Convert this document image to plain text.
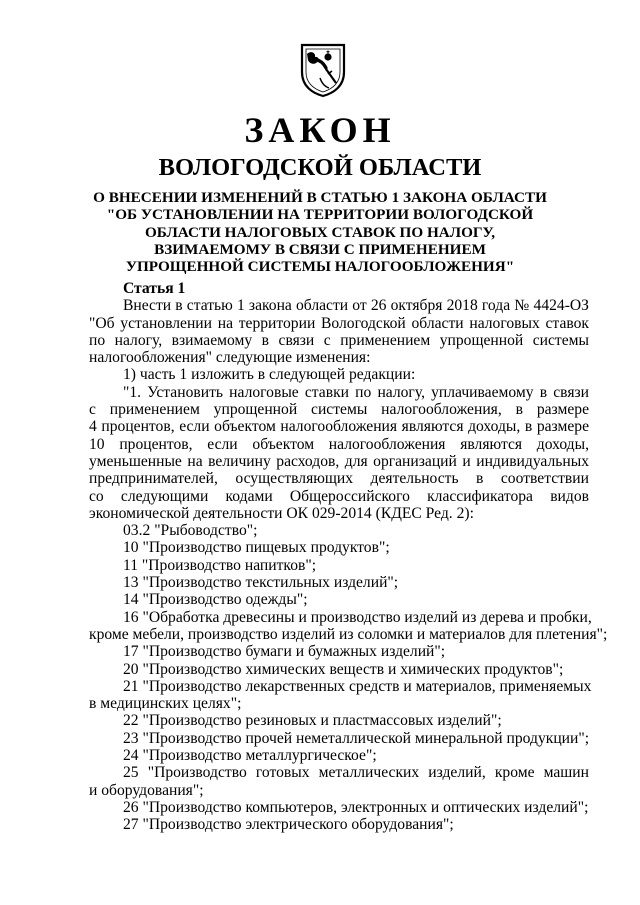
ЗАКОН
ВОЛОГОДСКОЙ ОБЛАСТИ
О ВНЕСЕНИИ ИЗМЕНЕНИЙ В СТАТЬЮ 1 ЗАКОНА ОБЛАСТИ
"ОБ УСТАНОВЛЕНИИ НА ТЕРРИТОРИИ ВОЛОГОДСКОЙ
ОБЛАСТИ НАЛОГОВЫХ СТАВОК ПО НАЛОГУ,
ВЗИМАЕМОМУ В СВЯЗИ С ПРИМЕНЕНИЕМ
УПРОЩЕННОЙ СИСТЕМЫ НАЛОГООБЛОЖЕНИЯ"
Статья 1
Внести в статью 1 закона области от 26 октября 2018 года № 4424-ОЗ
"Об установлении на территории Вологодской области налоговых ставок
по налогу, взимаемому в связи с применением упрощенной системы
налогообложения" следующие изменения:
1) часть 1 изложить в следующей редакции:
"1. Установить налоговые ставки по налогу, уплачиваемому в связи
с применением упрощенной системы налогообложения, в размере
4 процентов, если объектом налогообложения являются доходы, в размере
10 процентов, если объектом налогообложения являются доходы,
уменьшенные на величину расходов, для организаций и индивидуальных
предпринимателей, осуществляющих деятельность в соответствии
со следующими кодами Общероссийского классификатора видов
экономической деятельности ОК 029-2014 (КДЕС Ред. 2):
03.2 "Рыбоводство";
10 "Производство пищевых продуктов";
11 "Производство напитков";
13 "Производство текстильных изделий";
14 "Производство одежды";
16 "Обработка древесины и производство изделий из дерева и пробки,
кроме мебели, производство изделий из соломки и материалов для плетения";
17 "Производство бумаги и бумажных изделий";
20 "Производство химических веществ и химических продуктов";
21 "Производство лекарственных средств и материалов, применяемых
в медицинских целях";
22 "Производство резиновых и пластмассовых изделий";
23 "Производство прочей неметаллической минеральной продукции";
24 "Производство металлургическое";
25 "Производство готовых металлических изделий, кроме машин
и оборудования";
26 "Производство компьютеров, электронных и оптических изделий";
27 "Производство электрического оборудования";
